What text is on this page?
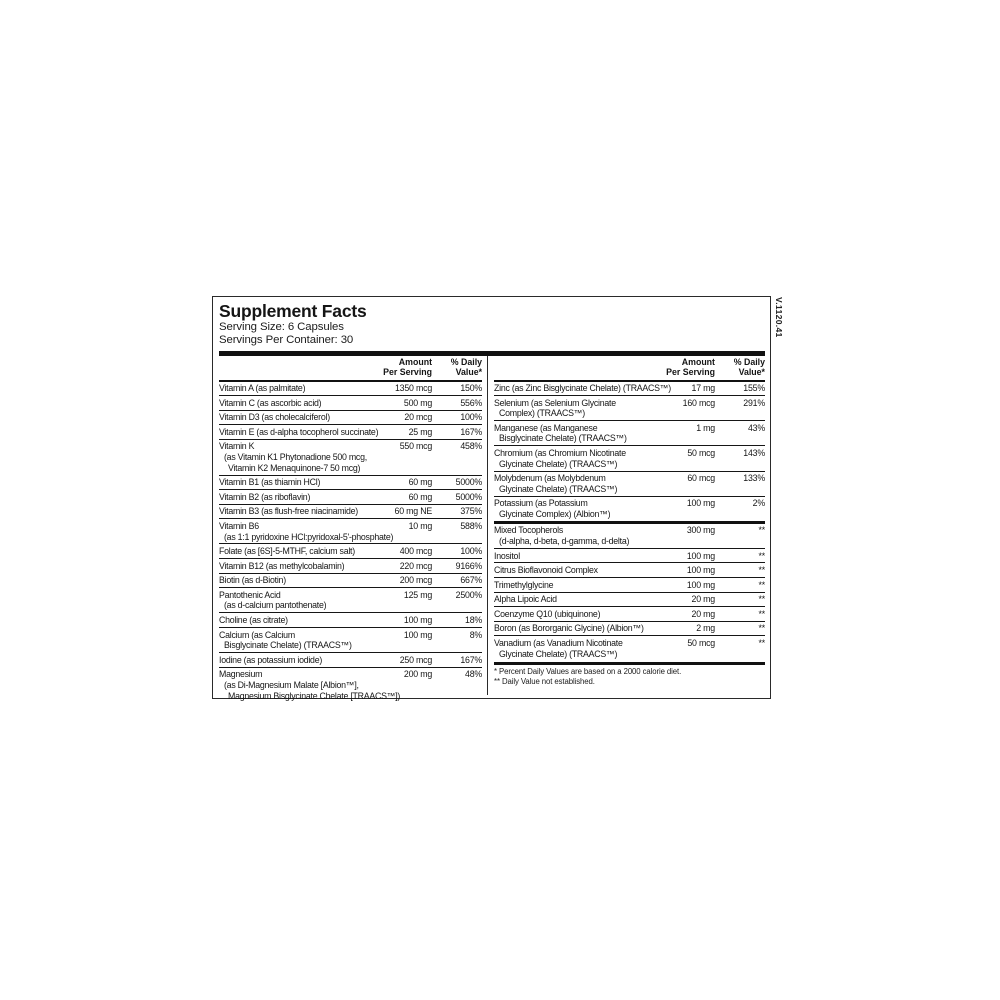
V.1120.41
Supplement Facts
Serving Size: 6 Capsules
Servings Per Container: 30
Amount
Per Serving
% Daily
Value*
Vitamin A (as palmitate)	1350 mcg	150%
Vitamin C (as ascorbic acid)	500 mg	556%
Vitamin D3 (as cholecalciferol)	20 mcg	100%
Vitamin E (as d-alpha tocopherol succinate)	25 mg	167%
Vitamin K	550 mcg	458%
(as Vitamin K1 Phytonadione 500 mcg,
Vitamin K2 Menaquinone-7 50 mcg)
Vitamin B1 (as thiamin HCl)	60 mg	5000%
Vitamin B2 (as riboflavin)	60 mg	5000%
Vitamin B3 (as flush-free niacinamide)	60 mg NE	375%
Vitamin B6	10 mg	588%
(as 1:1 pyridoxine HCl:pyridoxal-5'-phosphate)
Folate (as [6S]-5-MTHF, calcium salt)	400 mcg	100%
Vitamin B12 (as methylcobalamin)	220 mcg	9166%
Biotin (as d-Biotin)	200 mcg	667%
Pantothenic Acid	125 mg	2500%
(as d-calcium pantothenate)
Choline (as citrate)	100 mg	18%
Calcium (as Calcium	100 mg	8%
Bisglycinate Chelate) (TRAACS™)
Iodine (as potassium iodide)	250 mcg	167%
Magnesium	200 mg	48%
(as Di-Magnesium Malate [Albion™],
Magnesium Bisglycinate Chelate [TRAACS™])
Amount
Per Serving
% Daily
Value*
Zinc (as Zinc Bisglycinate Chelate) (TRAACS™)	17 mg	155%
Selenium (as Selenium Glycinate	160 mcg	291%
Complex) (TRAACS™)
Manganese (as Manganese	1 mg	43%
Bisglycinate Chelate) (TRAACS™)
Chromium (as Chromium Nicotinate	50 mcg	143%
Glycinate Chelate) (TRAACS™)
Molybdenum (as Molybdenum	60 mcg	133%
Glycinate Chelate) (TRAACS™)
Potassium (as Potassium	100 mg	2%
Glycinate Complex) (Albion™)
Mixed Tocopherols	300 mg	**
(d-alpha, d-beta, d-gamma, d-delta)
Inositol	100 mg	**
Citrus Bioflavonoid Complex	100 mg	**
Trimethylglycine	100 mg	**
Alpha Lipoic Acid	20 mg	**
Coenzyme Q10 (ubiquinone)	20 mg	**
Boron (as Bororganic Glycine) (Albion™)	2 mg	**
Vanadium (as Vanadium Nicotinate	50 mcg	**
Glycinate Chelate) (TRAACS™)
* Percent Daily Values are based on a 2000 calorie diet.
** Daily Value not established.
